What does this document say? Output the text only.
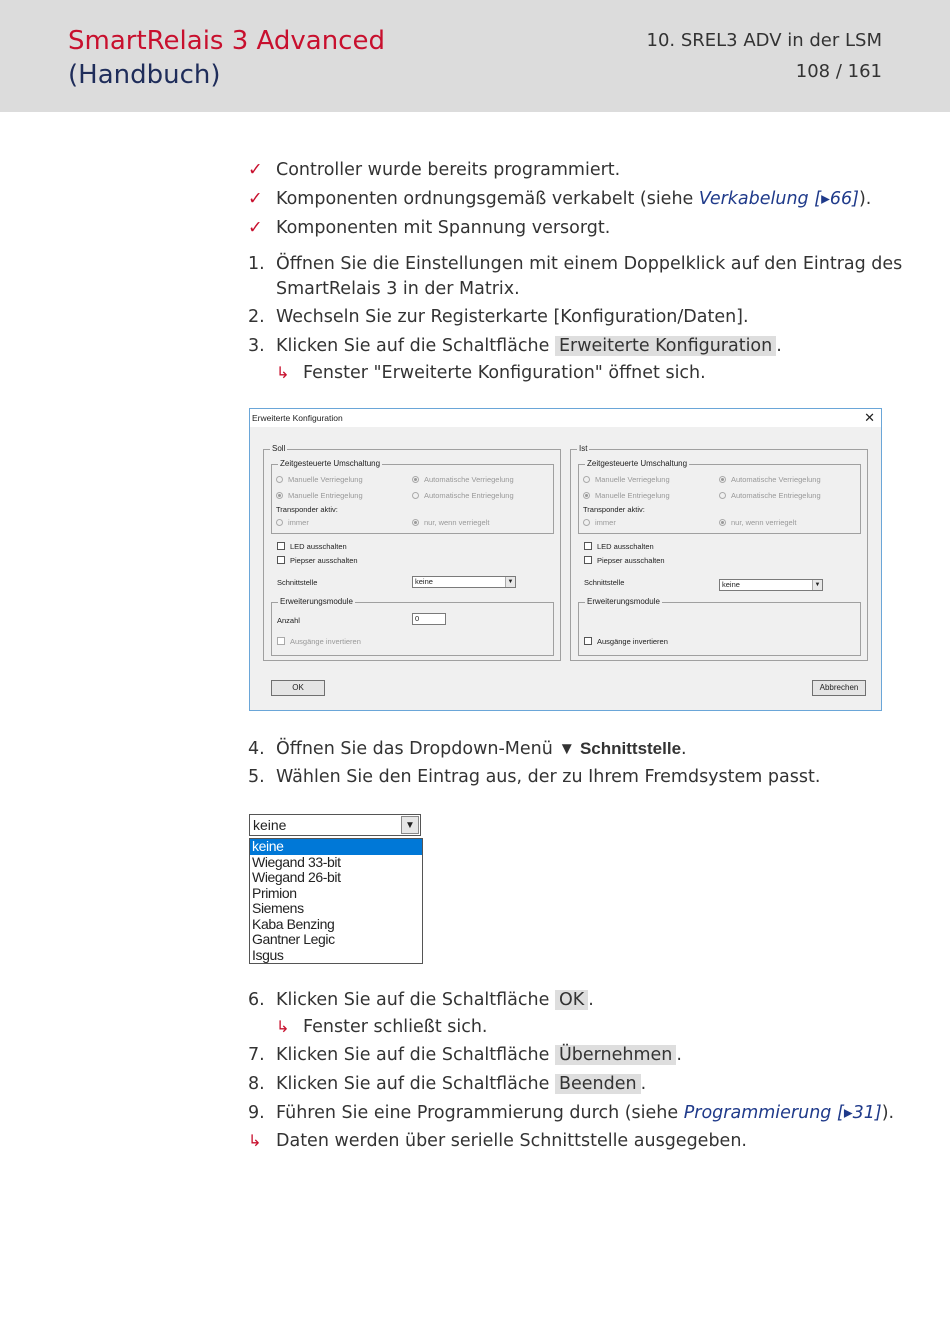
SmartRelais 3 Advanced
(Handbuch)
10. SREL3 ADV in der LSM
108 / 161
✓ Controller wurde bereits programmiert.
✓ Komponenten ordnungsgemäß verkabelt (siehe Verkabelung [▸66]).
✓ Komponenten mit Spannung versorgt.
1. Öffnen Sie die Einstellungen mit einem Doppelklick auf den Eintrag des
SmartRelais 3 in der Matrix.
2. Wechseln Sie zur Registerkarte [Konfiguration/Daten].
3. Klicken Sie auf die Schaltfläche Erweiterte Konfiguration .
↳ Fenster "Erweiterte Konfiguration" öffnet sich.
4. Öffnen Sie das Dropdown-Menü ▼ Schnittstelle.
5. Wählen Sie den Eintrag aus, der zu Ihrem Fremdsystem passt.
6. Klicken Sie auf die Schaltfläche OK .
↳ Fenster schließt sich.
7. Klicken Sie auf die Schaltfläche Übernehmen .
8. Klicken Sie auf die Schaltfläche Beenden .
9. Führen Sie eine Programmierung durch (siehe Programmierung [▸31]).
↳ Daten werden über serielle Schnittstelle ausgegeben.
Erweiterte Konfiguration	✕
Soll
Zeitgesteuerte Umschaltung
Manuelle Verriegelung	Automatische Verriegelung
Manuelle Entriegelung	Automatische Entriegelung
Transponder aktiv:
immer	nur, wenn verriegelt
LED ausschalten
Piepser ausschalten
Schnittstelle	keine	▼
Erweiterungsmodule
Anzahl	0
Ausgänge invertieren
Ist
Zeitgesteuerte Umschaltung
Manuelle Verriegelung	Automatische Verriegelung
Manuelle Entriegelung	Automatische Entriegelung
Transponder aktiv:
immer	nur, wenn verriegelt
LED ausschalten
Piepser ausschalten
Schnittstelle	keine	▼
Erweiterungsmodule
Ausgänge invertieren
OK	Abbrechen
keine	▼
keine
Wiegand 33-bit
Wiegand 26-bit
Primion
Siemens
Kaba Benzing
Gantner Legic
Isgus
